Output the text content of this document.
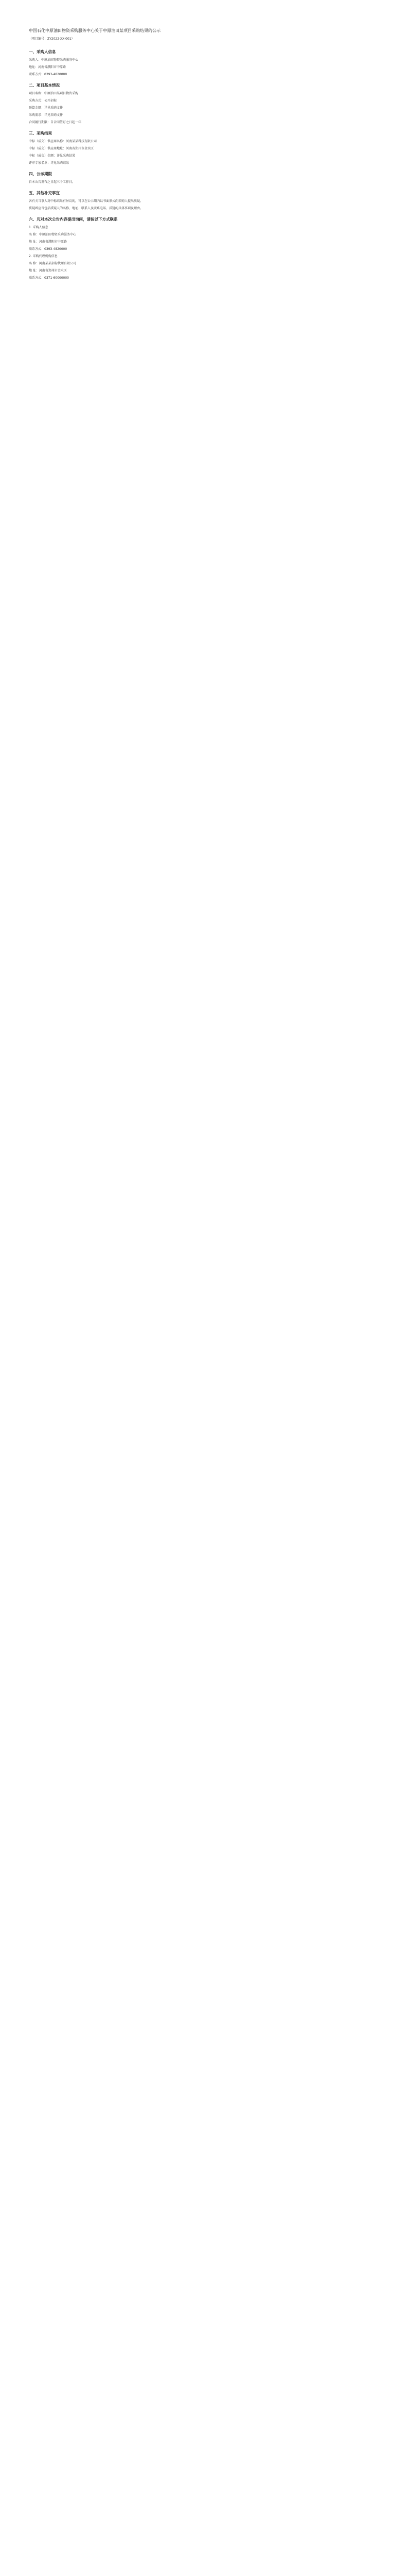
中国石化中原油田物资采购服务中心关于中原油田某项目采购结果的公示
（项目编号：ZY2022-XX-001）
一、采购人信息

采购人：中原油田物资采购服务中心

地址：河南省濮阳市中原路

联系方式：0393-4820000

二、项目基本情况

项目名称：中原油田某项目物资采购

采购方式：公开招标

预算金额：详见采购文件

采购需求：详见采购文件

合同履行期限：自合同签订之日起一年

三、采购结果

中标（成交）供应商名称：河南某某科技有限公司

中标（成交）供应商地址：河南省郑州市金水区

中标（成交）金额：详见采购结果

评审专家名单：详见采购结果

四、公示期限

自本公告发布之日起三个工作日。

五、其他补充事宜

各有关当事人对中标结果有异议的，可以在公示期内以书面形式向采购人提出质疑。

质疑函应当包括质疑人的名称、地址、联系人及联系电话、质疑的具体事项及理由。

六、凡对本次公告内容提出询问，请按以下方式联系

1. 采购人信息

名 称：中原油田物资采购服务中心

地 址：河南省濮阳市中原路

联系方式：0393-4820000

2. 采购代理机构信息

名 称：河南某某招标代理有限公司

地 址：河南省郑州市金水区

联系方式：0371-60000000
